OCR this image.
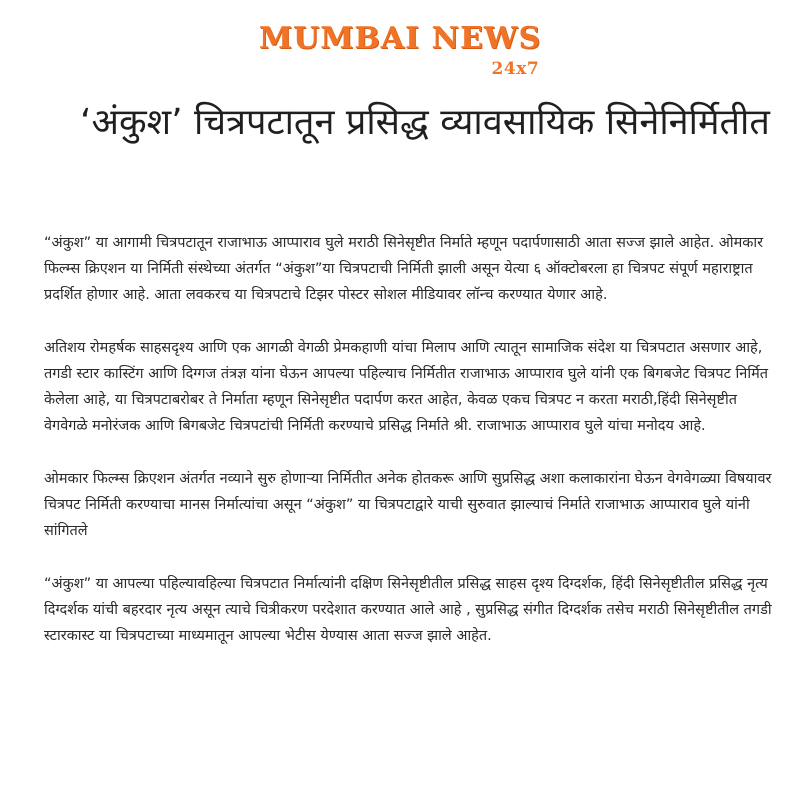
MUMBAI NEWS
24x7
‘अंकुश’ चित्रपटातून प्रसिद्ध व्यावसायिक सिनेनिर्मितीत

“अंकुश” या आगामी चित्रपटातून राजाभाऊ आप्पाराव घुले मराठी सिनेसृष्टीत निर्माते म्हणून पदार्पणासाठी आता सज्ज झाले आहेत. ओमकार फिल्म्स क्रिएशन या निर्मिती संस्थेच्या अंतर्गत “अंकुश”या चित्रपटाची निर्मिती झाली असून येत्या ६ ऑक्टोबरला हा चित्रपट संपूर्ण महाराष्ट्रात प्रदर्शित होणार आहे. आता लवकरच या चित्रपटाचे टिझर पोस्टर सोशल मीडियावर लॉन्च करण्यात येणार आहे.

अतिशय रोमहर्षक साहसदृश्य आणि एक आगळी वेगळी प्रेमकहाणी यांचा मिलाप आणि त्यातून सामाजिक संदेश या चित्रपटात असणार आहे, तगडी स्टार कास्टिंग आणि दिग्गज तंत्रज्ञ यांना घेऊन आपल्या पहिल्याच निर्मितीत राजाभाऊ आप्पाराव घुले यांनी एक बिगबजेट चित्रपट निर्मित केलेला आहे, या चित्रपटाबरोबर ते निर्माता म्हणून सिनेसृष्टीत पदार्पण करत आहेत, केवळ एकच चित्रपट न करता मराठी,हिंदी सिनेसृष्टीत वेगवेगळे मनोरंजक आणि बिगबजेट चित्रपटांची निर्मिती करण्याचे प्रसिद्ध निर्माते श्री. राजाभाऊ आप्पाराव घुले यांचा मनोदय आहे.

ओमकार फिल्म्स क्रिएशन अंतर्गत नव्याने सुरु होणाऱ्या निर्मितीत अनेक होतकरू आणि सुप्रसिद्ध अशा कलाकारांना घेऊन वेगवेगळ्या विषयावर चित्रपट निर्मिती करण्याचा मानस निर्मात्यांचा असून “अंकुश” या चित्रपटाद्वारे याची सुरुवात झाल्याचं निर्माते राजाभाऊ आप्पाराव घुले यांनी सांगितले

“अंकुश” या आपल्या पहिल्यावहिल्या चित्रपटात निर्मात्यांनी दक्षिण सिनेसृष्टीतील प्रसिद्ध साहस दृश्य दिग्दर्शक, हिंदी सिनेसृष्टीतील प्रसिद्ध नृत्य दिग्दर्शक यांची बहरदार नृत्य असून त्याचे चित्रीकरण परदेशात करण्यात आले आहे , सुप्रसिद्ध संगीत दिग्दर्शक तसेच मराठी सिनेसृष्टीतील तगडी स्टारकास्ट या चित्रपटाच्या माध्यमातून आपल्या भेटीस येण्यास आता सज्ज झाले आहेत.
